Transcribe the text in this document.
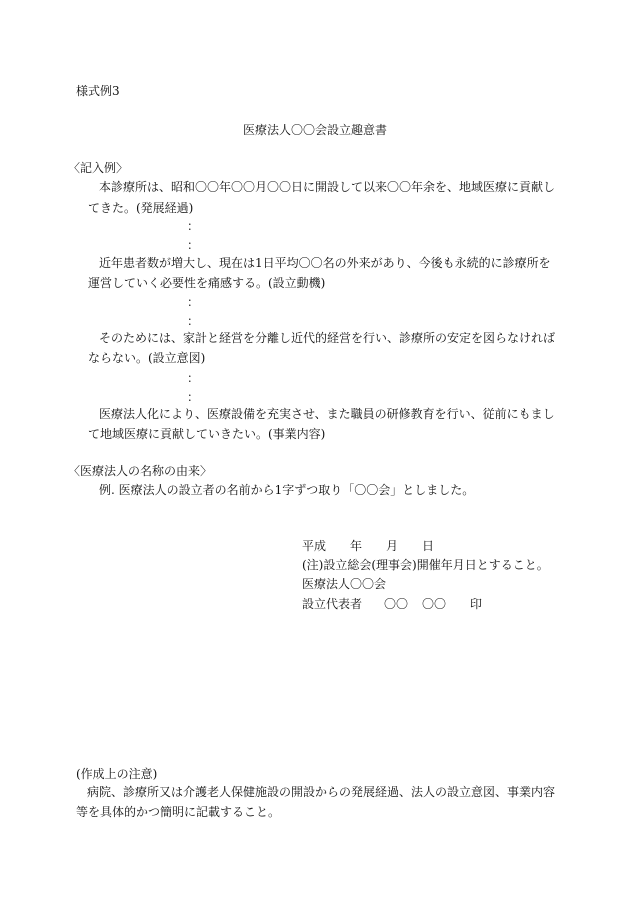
様式例3
医療法人〇〇会設立趣意書
〈記入例〉
本診療所は、昭和〇〇年〇〇月〇〇日に開設して以来〇〇年余を、地域医療に貢献し
てきた。(発展経過)
：
：
近年患者数が増大し、現在は1日平均〇〇名の外来があり、今後も永続的に診療所を
運営していく必要性を痛感する。(設立動機)
：
：
そのためには、家計と経営を分離し近代的経営を行い、診療所の安定を図らなければ
ならない。(設立意図)
：
：
医療法人化により、医療設備を充実させ、また職員の研修教育を行い、従前にもまし
て地域医療に貢献していきたい。(事業内容)
〈医療法人の名称の由来〉
例. 医療法人の設立者の名前から1字ずつ取り「〇〇会」としました。
平成 年 月 日
(注)設立総会(理事会)開催年月日とすること。
医療法人〇〇会
設立代表者 〇〇 〇〇 印
(作成上の注意)
病院、診療所又は介護老人保健施設の開設からの発展経過、法人の設立意図、事業内容
等を具体的かつ簡明に記載すること。
